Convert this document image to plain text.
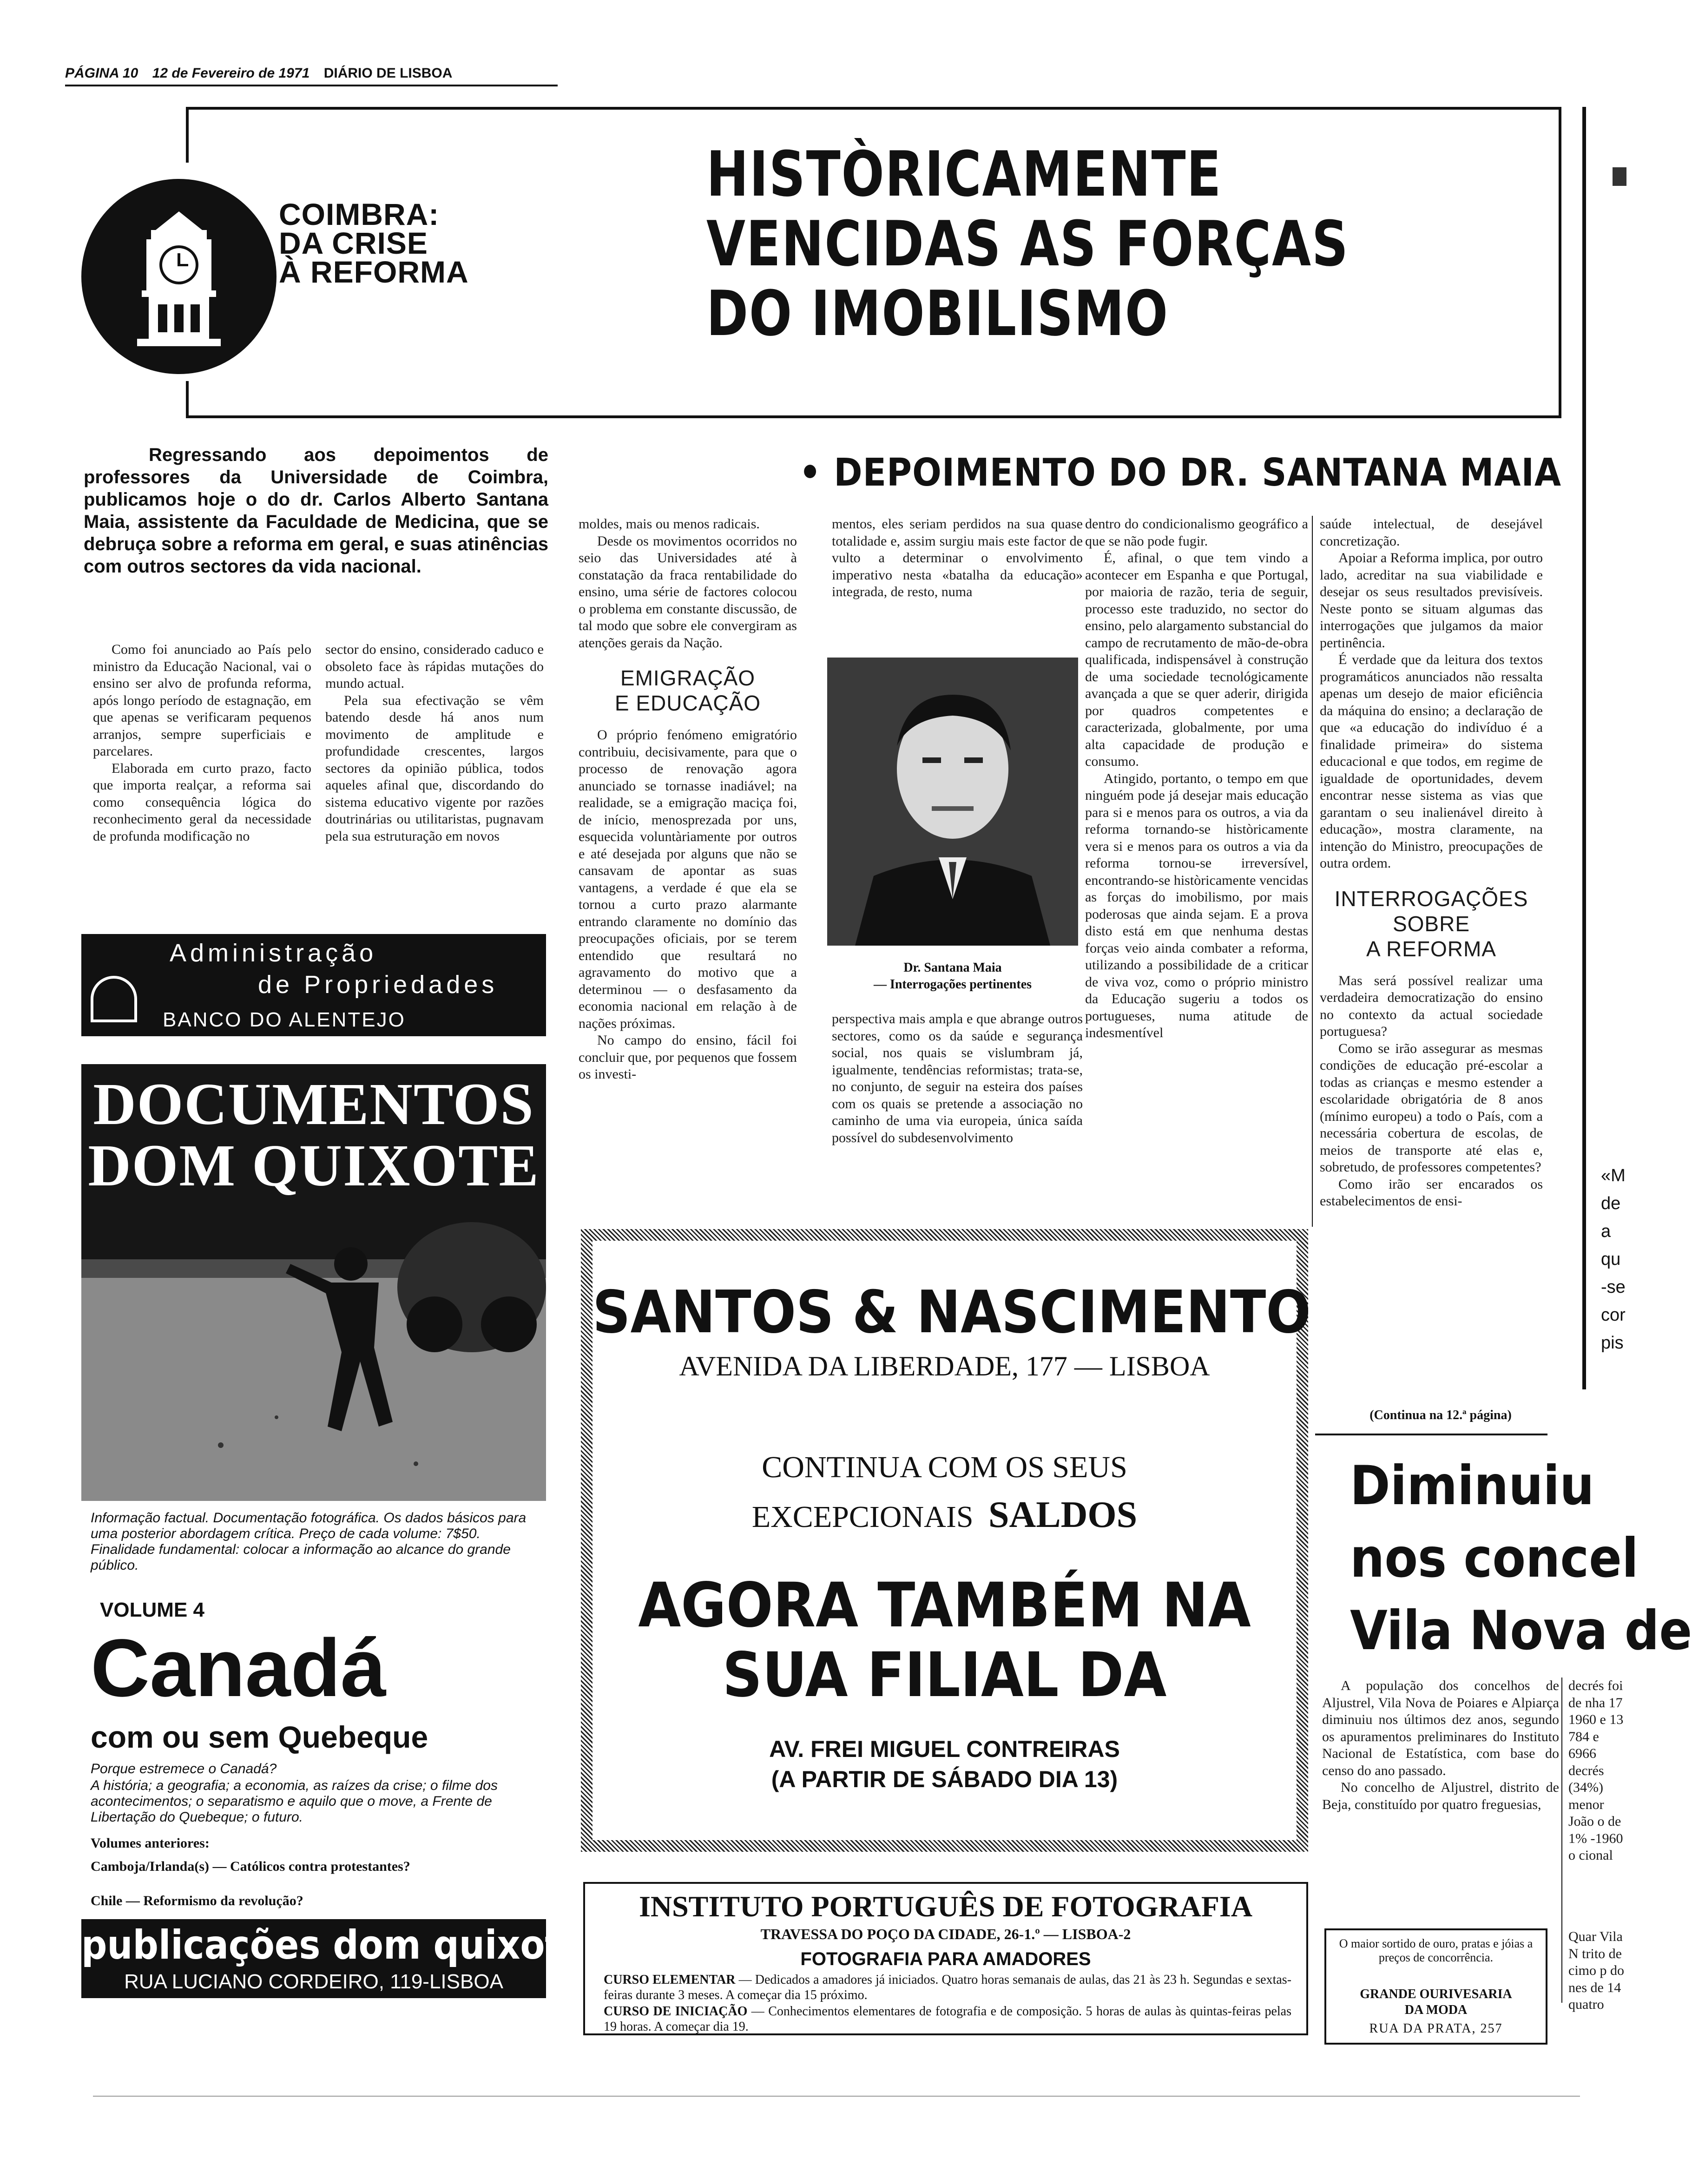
PÁGINA 10 12 de Fevereiro de 1971 DIÁRIO DE LISBOA
COIMBRA:
DA CRISE
À REFORMA
HISTÒRICAMENTE
VENCIDAS AS FORÇAS
DO IMOBILISMO
Regressando aos depoimentos de professores da Universidade de Coimbra, publicamos hoje o do dr. Carlos Alberto Santana Maia, assistente da Faculdade de Medicina, que se debruça sobre a reforma em geral, e suas atinências com outros sectores da vida nacional.
• DEPOIMENTO DO DR. SANTANA MAIA

Como foi anunciado ao País pelo ministro da Educação Nacional, vai o ensino ser alvo de profunda reforma, após longo período de estagnação, em que apenas se verificaram pequenos arranjos, sempre superficiais e parcelares.

Elaborada em curto prazo, facto que importa realçar, a reforma sai como consequência lógica do reconhecimento geral da necessidade de profunda modificação no

sector do ensino, considerado caduco e obsoleto face às rápidas mutações do mundo actual.

Pela sua efectivação se vêm batendo desde há anos num movimento de amplitude e profundidade crescentes, largos sectores da opinião pública, todos aqueles afinal que, discordando do sistema educativo vigente por razões doutrinárias ou utilitaristas, pugnavam pela sua estruturação em novos

moldes, mais ou menos radicais.

Desde os movimentos ocorridos no seio das Universidades até à constatação da fraca rentabilidade do ensino, uma série de factores colocou o problema em constante discussão, de tal modo que sobre ele convergiram as atenções gerais da Nação.

EMIGRAÇÃO
E EDUCAÇÃO

O próprio fenómeno emigratório contribuiu, decisivamente, para que o processo de renovação agora anunciado se tornasse inadiável; na realidade, se a emigração maciça foi, de início, menosprezada por uns, esquecida voluntàriamente por outros e até desejada por alguns que não se cansavam de apontar as suas vantagens, a verdade é que ela se tornou a curto prazo alarmante entrando claramente no domínio das preocupações oficiais, por se terem entendido que resultará no agravamento do motivo que a determinou — o desfasamento da economia nacional em relação à de nações próximas.

No campo do ensino, fácil foi concluir que, por pequenos que fossem os investi-

mentos, eles seriam perdidos na sua quase totalidade e, assim surgiu mais este factor de vulto a determinar o envolvimento imperativo nesta «batalha da educação» integrada, de resto, numa

Dr. Santana Maia
— Interrogações pertinentes

perspectiva mais ampla e que abrange outros sectores, como os da saúde e segurança social, nos quais se vislumbram já, igualmente, tendências reformistas; trata-se, no conjunto, de seguir na esteira dos países com os quais se pretende a associação no caminho de uma via europeia, única saída possível do subdesenvolvimento

dentro do condicionalismo geográfico a que se não pode fugir.

É, afinal, o que tem vindo a acontecer em Espanha e que Portugal, por maioria de razão, teria de seguir, processo este traduzido, no sector do ensino, pelo alargamento substancial do campo de recrutamento de mão-de-obra qualificada, indispensável à construção de uma sociedade tecnológicamente avançada a que se quer aderir, dirigida por quadros competentes e caracterizada, globalmente, por uma alta capacidade de produção e consumo.

Atingido, portanto, o tempo em que ninguém pode já desejar mais educação para si e menos para os outros, a via da reforma tornando-se històricamente vera si e menos para os outros a via da reforma tornou-se irreversível, encontrando-se històricamente vencidas as forças do imobilismo, por mais poderosas que ainda sejam. E a prova disto está em que nenhuma destas forças veio ainda combater a reforma, utilizando a possibilidade de a criticar de viva voz, como o próprio ministro da Educação sugeriu a todos os portugueses, numa atitude de indesmentível

saúde intelectual, de desejável concretização.

Apoiar a Reforma implica, por outro lado, acreditar na sua viabilidade e desejar os seus resultados previsíveis. Neste ponto se situam algumas das interrogações que julgamos da maior pertinência.

É verdade que da leitura dos textos programáticos anunciados não ressalta apenas um desejo de maior eficiência da máquina do ensino; a declaração de que «a educação do indivíduo é a finalidade primeira» do sistema educacional e que todos, em regime de igualdade de oportunidades, devem encontrar nesse sistema as vias que garantam o seu inalienável direito à educação», mostra claramente, na intenção do Ministro, preocupações de outra ordem.

INTERROGAÇÕES
SOBRE
A REFORMA

Mas será possível realizar uma verdadeira democratização do ensino no contexto da actual sociedade portuguesa?

Como se irão assegurar as mesmas condições de educação pré-escolar a todas as crianças e mesmo estender a escolaridade obrigatória de 8 anos (mínimo europeu) a todo o País, com a necessária cobertura de escolas, de meios de transporte até elas e, sobretudo, de professores competentes?

Como irão ser encarados os estabelecimentos de ensi-

(Continua na 12.ª página)
Administração
de Propriedades
BANCO DO ALENTEJO
DOCUMENTOS
DOM QUIXOTE
Informação factual. Documentação fotográfica. Os dados básicos para uma posterior abordagem crítica. Preço de cada volume: 7$50. Finalidade fundamental: colocar a informação ao alcance do grande público.
VOLUME 4
Canadá
com ou sem Quebeque
Porque estremece o Canadá?
A história; a geografia; a economia, as raízes da crise; o filme dos acontecimentos; o separatismo e aquilo que o move, a Frente de Libertação do Quebeque; o futuro.
Volumes anteriores:
Camboja/Irlanda(s) — Católicos contra protestantes?
Chile — Reformismo da revolução?
publicações dom quixote
RUA LUCIANO CORDEIRO, 119-LISBOA
SANTOS & NASCIMENTO
AVENIDA DA LIBERDADE, 177 — LISBOA
CONTINUA COM OS SEUS
EXCEPCIONAIS SALDOS
AGORA TAMBÉM NA
SUA FILIAL DA
AV. FREI MIGUEL CONTREIRAS
(A PARTIR DE SÁBADO DIA 13)
INSTITUTO PORTUGUÊS DE FOTOGRAFIA
TRAVESSA DO POÇO DA CIDADE, 26-1.º — LISBOA-2
FOTOGRAFIA PARA AMADORES
CURSO ELEMENTAR — Dedicados a amadores já iniciados. Quatro horas semanais de aulas, das 21 às 23 h. Segundas e sextas-feiras durante 3 meses. A começar dia 15 próximo.
CURSO DE INICIAÇÃO — Conhecimentos elementares de fotografia e de composição. 5 horas de aulas às quintas-feiras pelas 19 horas. A começar dia 19.
«M de a qu -se cor pis
Diminuiu
nos concel
Vila Nova de

A população dos concelhos de Aljustrel, Vila Nova de Poiares e Alpiarça diminuiu nos últimos dez anos, segundo os apuramentos preliminares do Instituto Nacional de Estatística, com base do censo do ano passado.

No concelho de Aljustrel, distrito de Beja, constituído por quatro freguesias,

decrés foi de nha 17 1960 e 13 784 e 6966 decrés (34%) menor João o de 1% -1960 o cional
O maior sortido de ouro, pratas e jóias a preços de concorrência.
GRANDE OURIVESARIA
DA MODA
RUA DA PRATA, 257
Quar Vila N trito de cimo p do nes de 14 quatro
